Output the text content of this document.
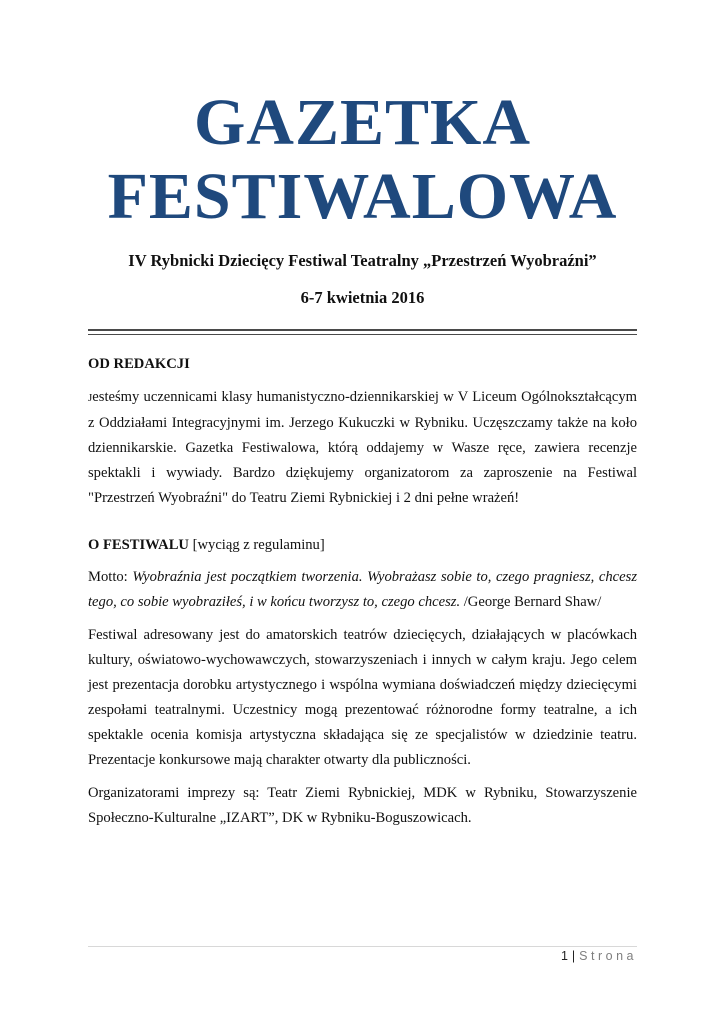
GAZETKA
FESTIWALOWA
IV Rybnicki Dziecięcy Festiwal Teatralny „Przestrzeń Wyobraźni”
6-7 kwietnia 2016

OD REDAKCJI

Jesteśmy uczennicami klasy humanistyczno-dziennikarskiej w V Liceum Ogólnokształcącym z Oddziałami Integracyjnymi im. Jerzego Kukuczki w Rybniku. Uczęszczamy także na koło dziennikarskie. Gazetka Festiwalowa, którą oddajemy w Wasze ręce, zawiera recenzje spektakli i wywiady. Bardzo dziękujemy organizatorom za zaproszenie na Festiwal "Przestrzeń Wyobraźni" do Teatru Ziemi Rybnickiej i 2 dni pełne wrażeń!

O FESTIWALU [wyciąg z regulaminu]

Motto: Wyobraźnia jest początkiem tworzenia. Wyobrażasz sobie to, czego pragniesz, chcesz tego, co sobie wyobraziłeś, i w końcu tworzysz to, czego chcesz. /George Bernard Shaw/

Festiwal adresowany jest do amatorskich teatrów dziecięcych, działających w placówkach kultury, oświatowo-wychowawczych, stowarzyszeniach i innych w całym kraju. Jego celem jest prezentacja dorobku artystycznego i wspólna wymiana doświadczeń między dziecięcymi zespołami teatralnymi. Uczestnicy mogą prezentować różnorodne formy teatralne, a ich spektakle ocenia komisja artystyczna składająca się ze specjalistów w dziedzinie teatru. Prezentacje konkursowe mają charakter otwarty dla publiczności.

Organizatorami imprezy są: Teatr Ziemi Rybnickiej, MDK w Rybniku, Stowarzyszenie Społeczno-Kulturalne „IZART”, DK w Rybniku-Boguszowicach.

1 | Strona
